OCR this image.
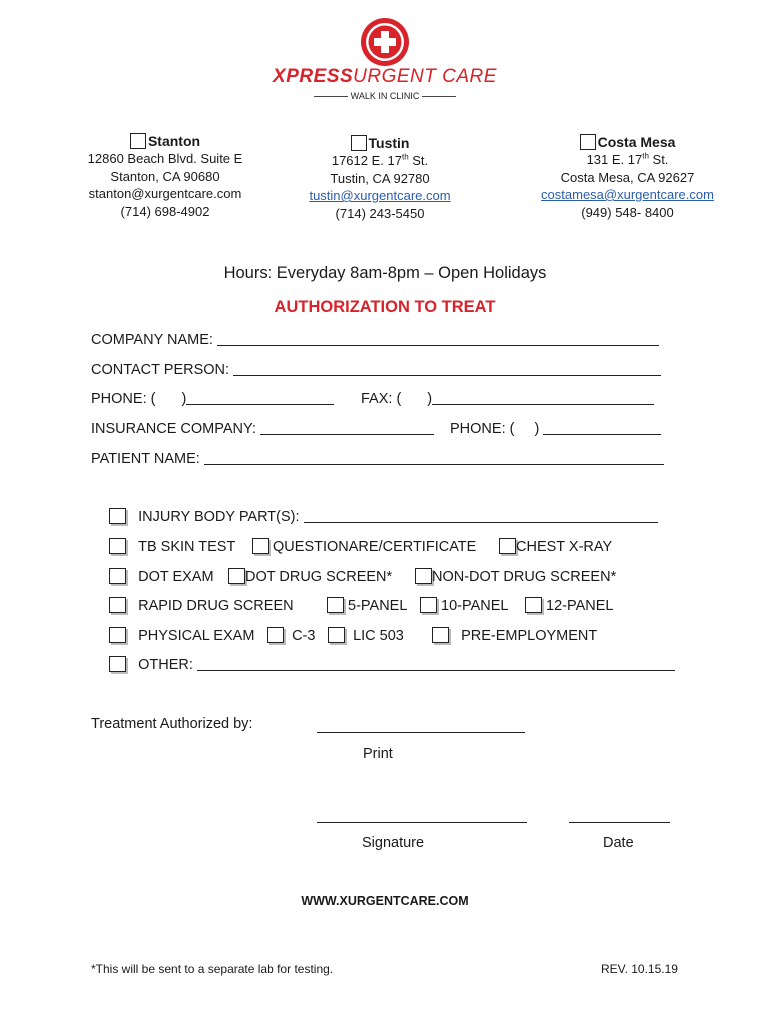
XPRESSURGENT CARE
WALK IN CLINIC
Stanton
12860 Beach Blvd. Suite E
Stanton, CA 90680
stanton@xurgentcare.com
(714) 698-4902
Tustin
17612 E. 17th St.
Tustin, CA 92780
tustin@xurgentcare.com
(714) 243-5450
Costa Mesa
131 E. 17th St.
Costa Mesa, CA 92627
costamesa@xurgentcare.com
(949) 548- 8400
Hours: Everyday 8am-8pm – Open Holidays
AUTHORIZATION TO TREAT
COMPANY NAME:
CONTACT PERSON:
PHONE: ( )	FAX: ( )
INSURANCE COMPANY:	PHONE: ( )
PATIENT NAME:
INJURY BODY PART(S):
TB SKIN TEST	QUESTIONARE/CERTIFICATE	CHEST X-RAY
DOT EXAM	DOT DRUG SCREEN*	NON-DOT DRUG SCREEN*
RAPID DRUG SCREEN	5-PANEL	10-PANEL	12-PANEL
PHYSICAL EXAM	C-3	LIC 503	PRE-EMPLOYMENT
OTHER:
Treatment Authorized by:
Print
Signature	Date
WWW.XURGENTCARE.COM
*This will be sent to a separate lab for testing.	REV. 10.15.19
